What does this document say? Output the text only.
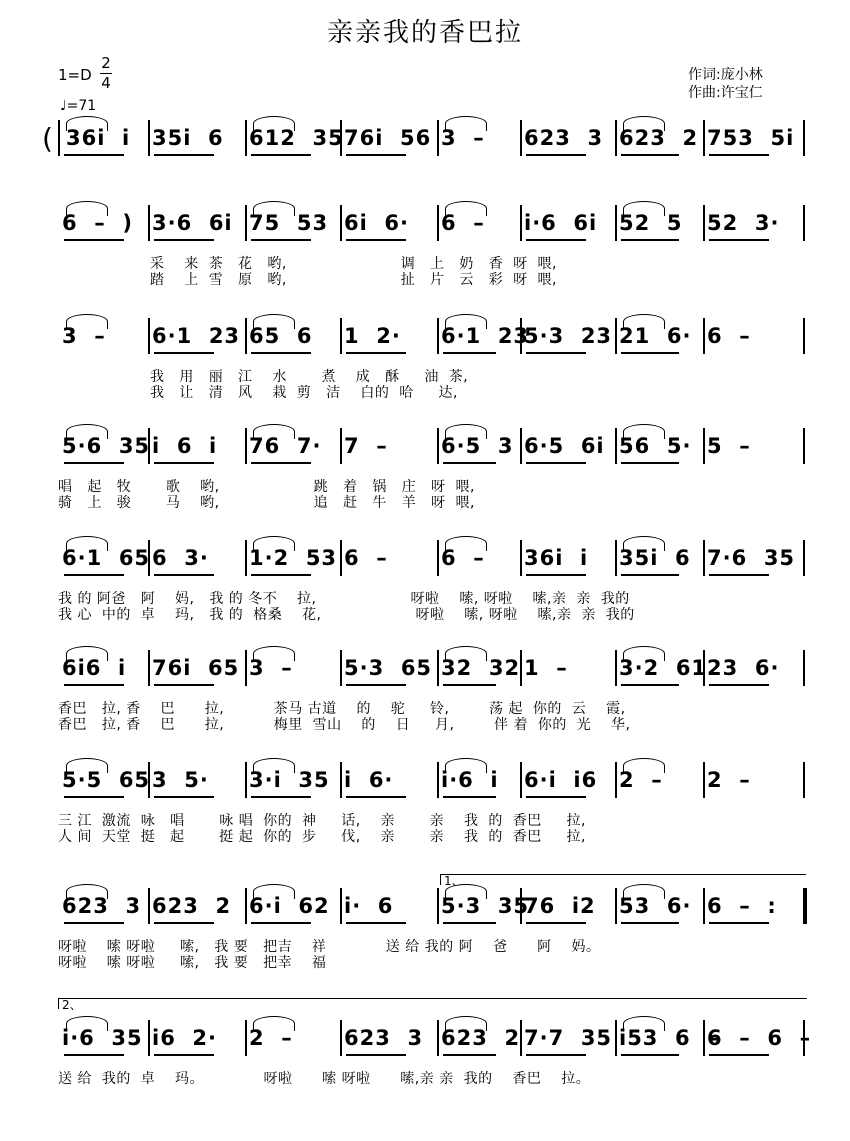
亲亲我的香巴拉
1=D
2
4
♩=71
作词:庞小林
作曲:许宝仁
36i  i 35i  6 612  35 76i  56 3  – 623  3 623  2 753  5i
6  –  ) 3·6  6i 75  53 6i  6· 6  – i·6  6i 52  5 52  3·
采    来  茶   花   哟,                       调   上   奶   香  呀  喂,
踏    上  雪   原   哟,                       扯   片   云   彩  呀  喂,
3  – 6·1  23 65  6 1  2· 6·1  23
5·3  23 21  6· 6  –
我   用   丽   江    水       煮    成   酥     油  茶,
我   让   清   风    栽  剪   洁    白的  哈     达,
5·6  35 i  6  i 76  7· 7  –	6·5  3 6·5  6i 56  5· 5  –
唱   起   牧       歌    哟,                   跳   着   锅   庄   呀  喂,
骑   上   骏       马    哟,                   追   赶   牛   羊   呀  喂,
6·1  65 6  3· 1·2  53 6  –	6  – 36i  i 35i  6 7·6  35
我 的 阿爸   阿    妈,   我 的 冬不    拉,                   呀啦    嗦, 呀啦    嗦,亲  亲  我的
我 心  中的  卓    玛,   我 的  格桑    花,                   呀啦    嗦, 呀啦    嗦,亲  亲  我的
6i6  i 76i  65 3  – 5·3  65 32  32 1  – 3·2  61 23  6·
香巴   拉, 香    巴      拉,          茶马 古道    的    驼     铃,        荡 起  你的  云    霞,
香巴   拉, 香    巴      拉,          梅里  雪山    的    日     月,        伴 着  你的  光    华,
5·5  65 3  5· 3·i  35 i  6· i·6  i 6·i  i6 2  – 2  –
三 江  激流  咏   唱       咏 唱  你的  神     话,    亲       亲    我  的  香巴     拉,
人 间  天堂  挺   起       挺 起  你的  步     伐,    亲       亲    我  的  香巴     拉,
623  3 623  2 6·i  62 i·  6 5·3  35
76  i2 53  6· 6  –  :
呀啦    嗦 呀啦     嗦,   我 要   把吉    祥            送 给 我的 阿    爸      阿    妈。
呀啦    嗦 呀啦     嗦,   我 要   把幸    福
i·6  35 i6  2· 2  – 623  3 623  2 7·7  35 i53  6  –
6  –  6  –
送 给  我的  卓    玛。            呀啦      嗦 呀啦      嗦,亲 亲  我的    香巴    拉。
(
1、
2、
